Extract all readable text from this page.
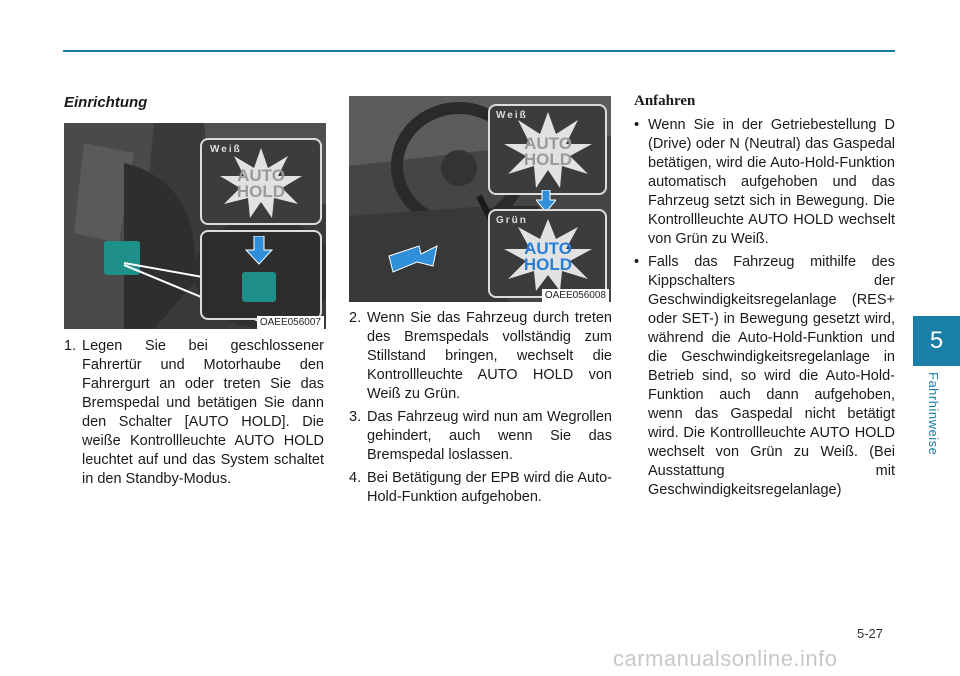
5
Fahrhinweise
Einrichtung
Weiß
AUTO HOLD
OAEE056007
1. Legen Sie bei geschlossener Fahrertür und Motorhaube den Fahrergurt an oder treten Sie das Bremspedal und betätigen Sie dann den Schalter [AUTO HOLD]. Die weiße Kontrollleuchte AUTO HOLD leuchtet auf und das System schaltet in den Standby-Modus.
Weiß
AUTO HOLD
Grün
AUTO HOLD
OAEE056008
2. Wenn Sie das Fahrzeug durch treten des Bremspedals vollständig zum Stillstand bringen, wechselt die Kontrollleuchte AUTO HOLD von Weiß zu Grün.
3. Das Fahrzeug wird nun am Wegrollen gehindert, auch wenn Sie das Bremspedal loslassen.
4. Bei Betätigung der EPB wird die Auto-Hold-Funktion aufgehoben.
Anfahren
• Wenn Sie in der Getriebestellung D (Drive) oder N (Neutral) das Gaspedal betätigen, wird die Auto-Hold-Funktion automatisch aufgehoben und das Fahrzeug setzt sich in Bewegung. Die Kontrollleuchte AUTO HOLD wechselt von Grün zu Weiß.
• Falls das Fahrzeug mithilfe des Kippschalters der Geschwindigkeitsregelanlage (RES+ oder SET-) in Bewegung gesetzt wird, während die Auto-Hold-Funktion und die Geschwindigkeitsregelanlage in Betrieb sind, so wird die Auto-Hold-Funktion auch dann aufgehoben, wenn das Gaspedal nicht betätigt wird. Die Kontrollleuchte AUTO HOLD wechselt von Grün zu Weiß. (Bei Ausstattung mit Geschwindigkeitsregelanlage)
5-27
carmanualsonline.info
